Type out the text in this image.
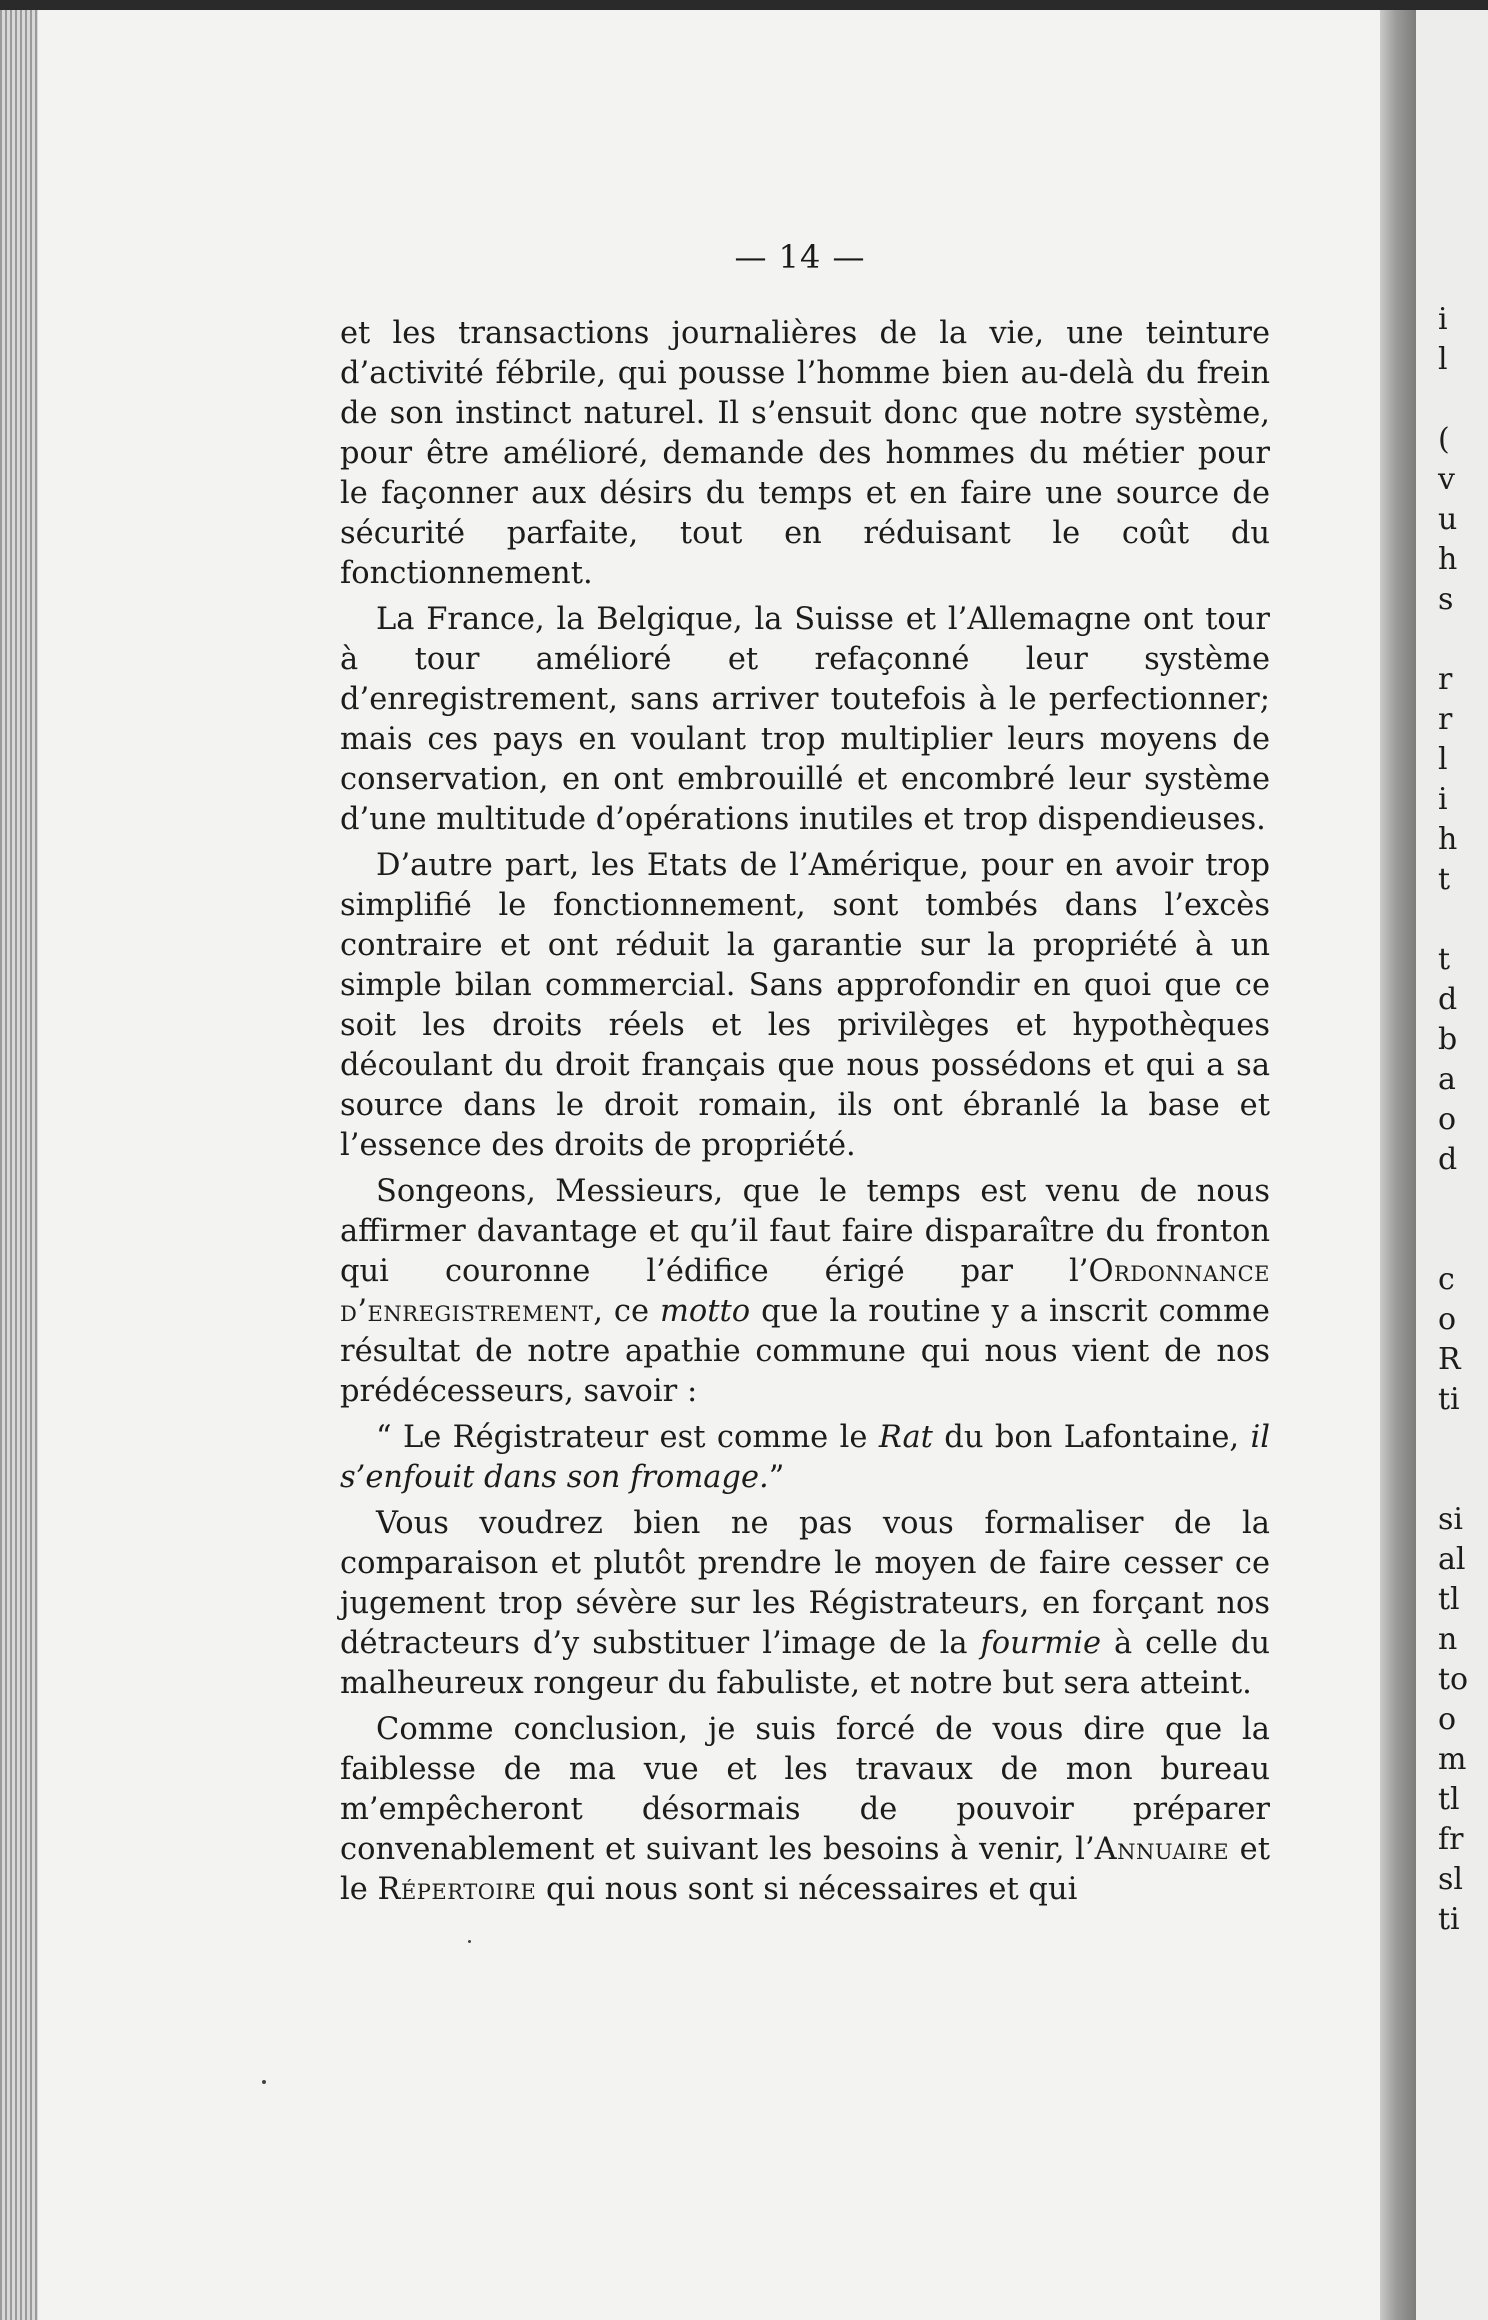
— 14 —

et les transactions journalières de la vie, une teinture d’activité fébrile, qui pousse l’homme bien au-delà du frein de son instinct naturel. Il s’ensuit donc que notre système, pour être amélioré, demande des hommes du métier pour le façonner aux désirs du temps et en faire une source de sécurité parfaite, tout en réduisant le coût du fonctionnement.

La France, la Belgique, la Suisse et l’Allemagne ont tour à tour amélioré et refaçonné leur système d’enregistrement, sans arriver toutefois à le perfectionner; mais ces pays en voulant trop multiplier leurs moyens de conservation, en ont embrouillé et encombré leur système d’une multitude d’opérations inutiles et trop dispendieuses.

D’autre part, les Etats de l’Amérique, pour en avoir trop simplifié le fonctionnement, sont tombés dans l’excès contraire et ont réduit la garantie sur la propriété à un simple bilan commercial. Sans approfondir en quoi que ce soit les droits réels et les privilèges et hypothèques découlant du droit français que nous possédons et qui a sa source dans le droit romain, ils ont ébranlé la base et l’essence des droits de propriété.

Songeons, Messieurs, que le temps est venu de nous affirmer davantage et qu’il faut faire disparaître du fronton qui couronne l’édifice érigé par l’Ordonnance d’enregistrement, ce motto que la routine y a inscrit comme résultat de notre apathie commune qui nous vient de nos prédécesseurs, savoir :

“ Le Régistrateur est comme le Rat du bon Lafontaine, il s’enfouit dans son fromage.”

Vous voudrez bien ne pas vous formaliser de la comparaison et plutôt prendre le moyen de faire cesser ce jugement trop sévère sur les Régistrateurs, en forçant nos détracteurs d’y substituer l’image de la fourmie à celle du malheureux rongeur du fabuliste, et notre but sera atteint.

Comme conclusion, je suis forcé de vous dire que la faiblesse de ma vue et les travaux de mon bureau m’empêcheront désormais de pouvoir préparer convenablement et suivant les besoins à venir, l’Annuaire et le Répertoire qui nous sont si nécessaires et qui

i
l
(
v
u
h
s
r
r
l
i
h
t
t
d
b
a
o
d
c
o
R
ti
si
al
tl
n
to
o
m
tl
fr
sl
ti
